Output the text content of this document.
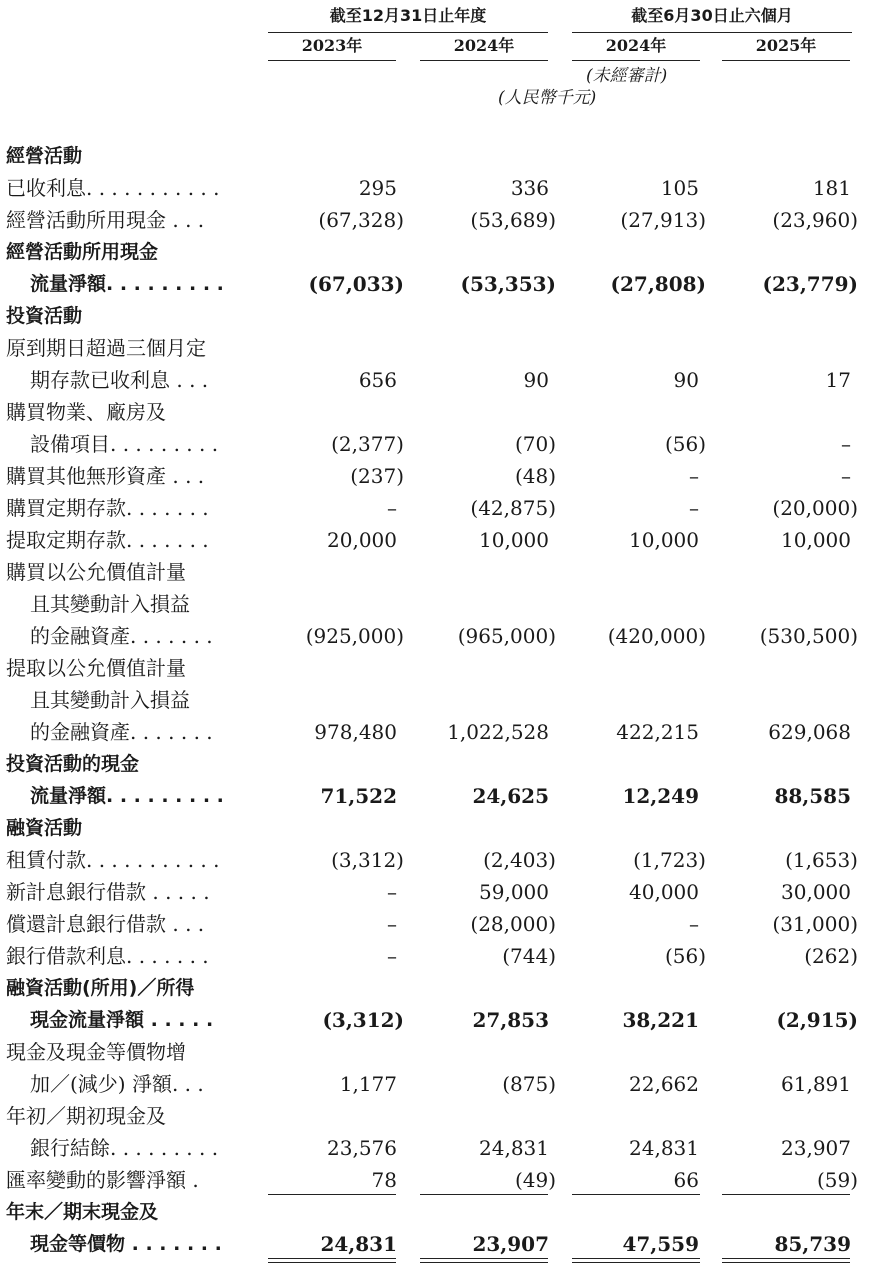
截至12月31日止年度	截至6月30日止六個月
2023年	2024年	2024年	2025年
(未經審計)
(人民幣千元)
經營活動
已收利息. . . . . . . . . . .	295	336	105	181
經營活動所用現金 . . .	(67,328)	(53,689)	(27,913)	(23,960)
經營活動所用現金
流量淨額. . . . . . . . .	(67,033)	(53,353)	(27,808)	(23,779)
投資活動
原到期日超過三個月定
期存款已收利息 . . .	656	90	90	17
購買物業、廠房及
設備項目. . . . . . . . .	(2,377)	(70)	(56)	–
購買其他無形資產 . . .	(237)	(48)	–	–
購買定期存款. . . . . . .	–	(42,875)	–	(20,000)
提取定期存款. . . . . . .	20,000	10,000	10,000	10,000
購買以公允價值計量
且其變動計入損益
的金融資產. . . . . . .	(925,000)	(965,000)	(420,000)	(530,500)
提取以公允價值計量
且其變動計入損益
的金融資產. . . . . . .	978,480	1,022,528	422,215	629,068
投資活動的現金
流量淨額. . . . . . . . .	71,522	24,625	12,249	88,585
融資活動
租賃付款. . . . . . . . . . .	(3,312)	(2,403)	(1,723)	(1,653)
新計息銀行借款 . . . . .	–	59,000	40,000	30,000
償還計息銀行借款 . . .	–	(28,000)	–	(31,000)
銀行借款利息. . . . . . .	–	(744)	(56)	(262)
融資活動(所用)／所得
現金流量淨額 . . . . .	(3,312)	27,853	38,221	(2,915)
現金及現金等價物增
加／(減少) 淨額. . .	1,177	(875)	22,662	61,891
年初／期初現金及
銀行結餘. . . . . . . . .	23,576	24,831	24,831	23,907
匯率變動的影響淨額 .	78	(49)	66	(59)
年末／期末現金及
現金等價物 . . . . . . .	24,831	23,907	47,559	85,739
